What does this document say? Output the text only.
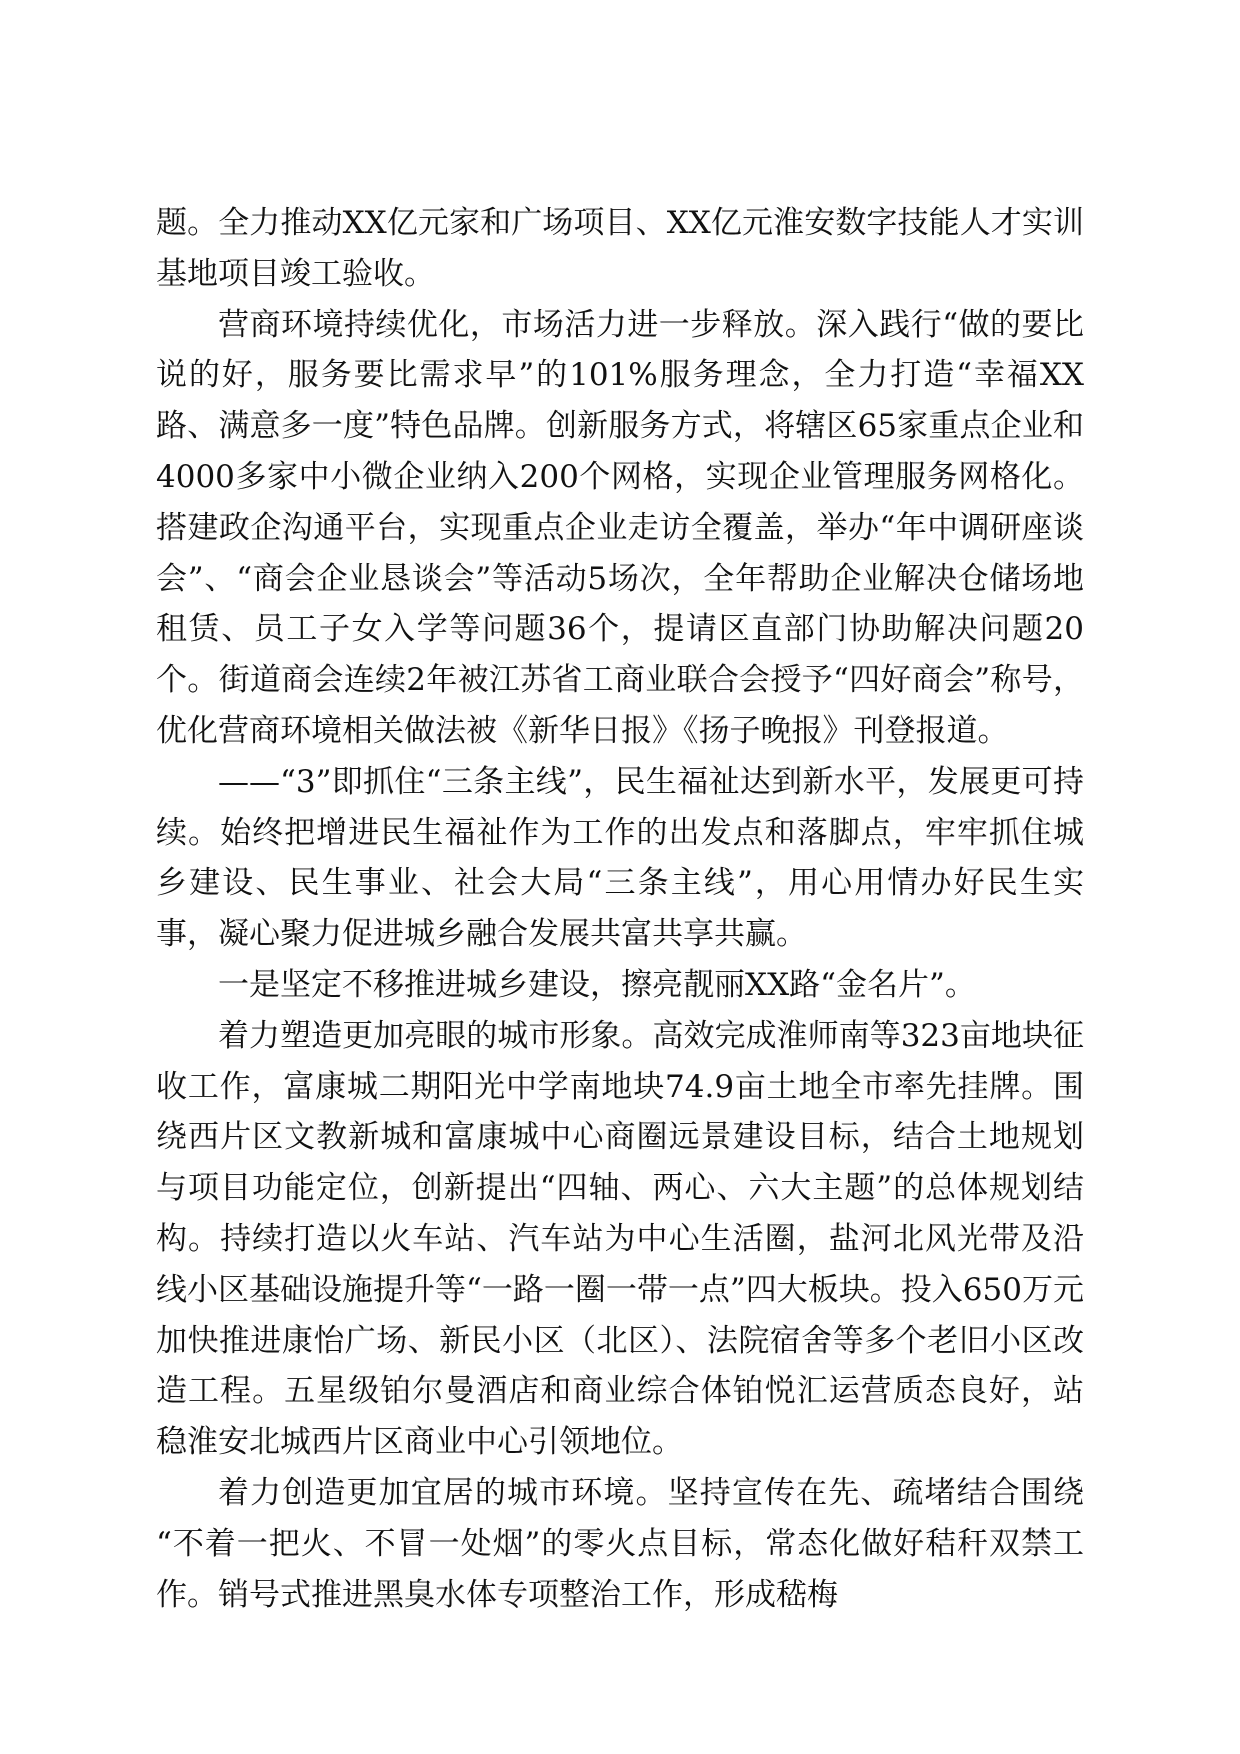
题。全力推动XX亿元家和广场项目、XX亿元淮安数字技能人才实训基地项目竣工验收。

营商环境持续优化，市场活力进一步释放。深入践行“做的要比说的好，服务要比需求早”的101%服务理念，全力打造“幸福XX路、满意多一度”特色品牌。创新服务方式，将辖区65家重点企业和4000多家中小微企业纳入200个网格，实现企业管理服务网格化。搭建政企沟通平台，实现重点企业走访全覆盖，举办“年中调研座谈会”、“商会企业恳谈会”等活动5场次，全年帮助企业解决仓储场地租赁、员工子女入学等问题36个，提请区直部门协助解决问题20个。街道商会连续2年被江苏省工商业联合会授予“四好商会”称号，优化营商环境相关做法被《新华日报》《扬子晚报》刊登报道。

——“3”即抓住“三条主线”，民生福祉达到新水平，发展更可持续。始终把增进民生福祉作为工作的出发点和落脚点，牢牢抓住城乡建设、民生事业、社会大局“三条主线”，用心用情办好民生实事，凝心聚力促进城乡融合发展共富共享共赢。

一是坚定不移推进城乡建设，擦亮靓丽XX路“金名片”。

着力塑造更加亮眼的城市形象。高效完成淮师南等323亩地块征收工作，富康城二期阳光中学南地块74.9亩土地全市率先挂牌。围绕西片区文教新城和富康城中心商圈远景建设目标，结合土地规划与项目功能定位，创新提出“四轴、两心、六大主题”的总体规划结构。持续打造以火车站、汽车站为中心生活圈，盐河北风光带及沿线小区基础设施提升等“一路一圈一带一点”四大板块。投入650万元加快推进康怡广场、新民小区（北区）、法院宿舍等多个老旧小区改造工程。五星级铂尔曼酒店和商业综合体铂悦汇运营质态良好，站稳淮安北城西片区商业中心引领地位。

着力创造更加宜居的城市环境。坚持宣传在先、疏堵结合围绕 “不着一把火、不冒一处烟”的零火点目标，常态化做好秸秆双禁工作。销号式推进黑臭水体专项整治工作，形成嵇梅
